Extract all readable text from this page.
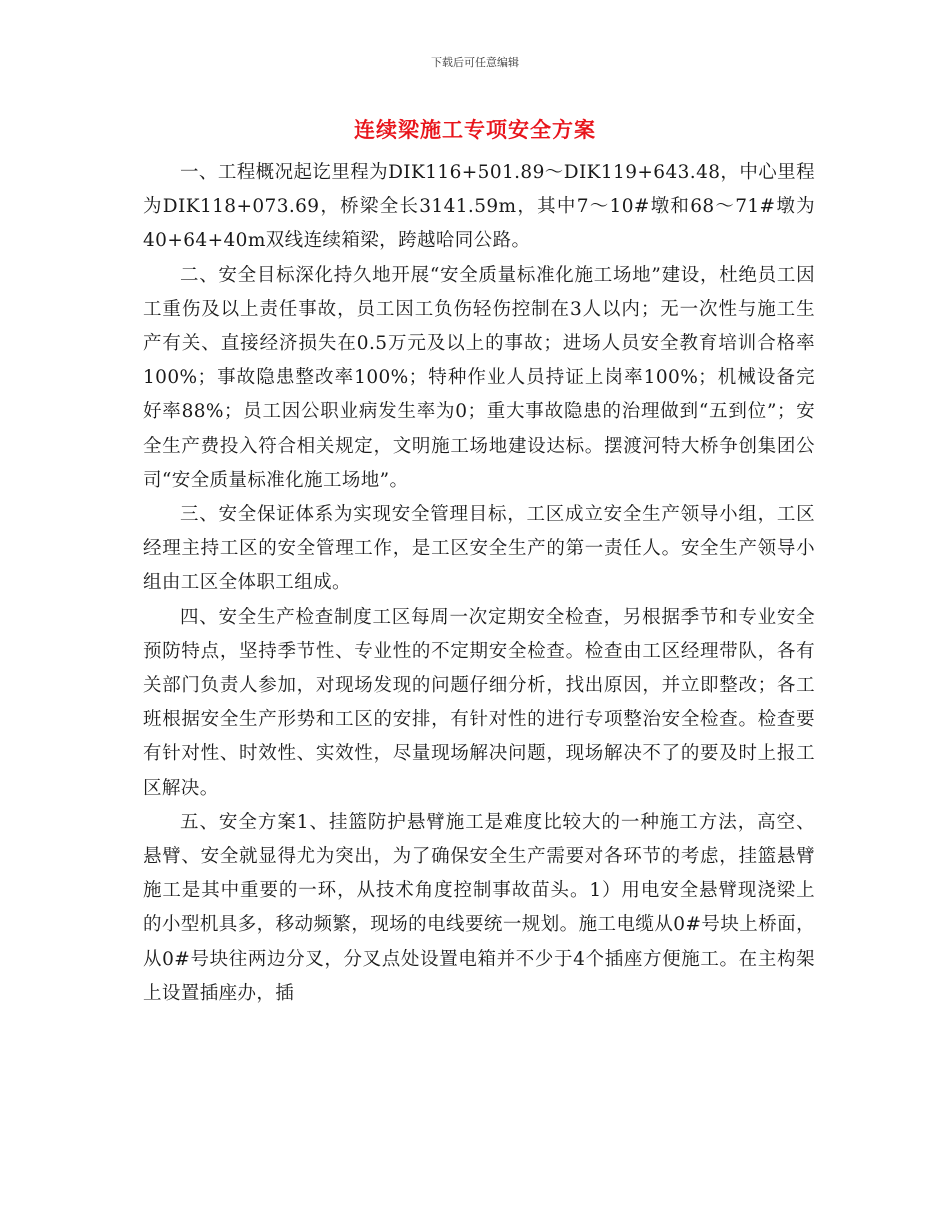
下载后可任意编辑
连续梁施工专项安全方案

一、工程概况起讫里程为DIK116+501.89～DIK119+643.48，中心里程为DIK118+073.69，桥梁全长3141.59m，其中7～10#墩和68～71#墩为40+64+40m双线连续箱梁，跨越哈同公路。

二、安全目标深化持久地开展“安全质量标准化施工场地”建设，杜绝员工因工重伤及以上责任事故，员工因工负伤轻伤控制在3人以内；无一次性与施工生产有关、直接经济损失在0.5万元及以上的事故；进场人员安全教育培训合格率100%；事故隐患整改率100%；特种作业人员持证上岗率100%；机械设备完好率88%；员工因公职业病发生率为0；重大事故隐患的治理做到“五到位”；安全生产费投入符合相关规定，文明施工场地建设达标。摆渡河特大桥争创集团公司“安全质量标准化施工场地”。

三、安全保证体系为实现安全管理目标，工区成立安全生产领导小组，工区经理主持工区的安全管理工作，是工区安全生产的第一责任人。安全生产领导小组由工区全体职工组成。

四、安全生产检查制度工区每周一次定期安全检查，另根据季节和专业安全预防特点，坚持季节性、专业性的不定期安全检查。检查由工区经理带队，各有关部门负责人参加，对现场发现的问题仔细分析，找出原因，并立即整改；各工班根据安全生产形势和工区的安排，有针对性的进行专项整治安全检查。检查要有针对性、时效性、实效性，尽量现场解决问题，现场解决不了的要及时上报工区解决。

五、安全方案1、挂篮防护悬臂施工是难度比较大的一种施工方法，高空、悬臂、安全就显得尤为突出，为了确保安全生产需要对各环节的考虑，挂篮悬臂施工是其中重要的一环，从技术角度控制事故苗头。1）用电安全悬臂现浇梁上的小型机具多，移动频繁，现场的电线要统一规划。施工电缆从0#号块上桥面，从0#号块往两边分叉，分叉点处设置电箱并不少于4个插座方便施工。在主构架上设置插座办，插
